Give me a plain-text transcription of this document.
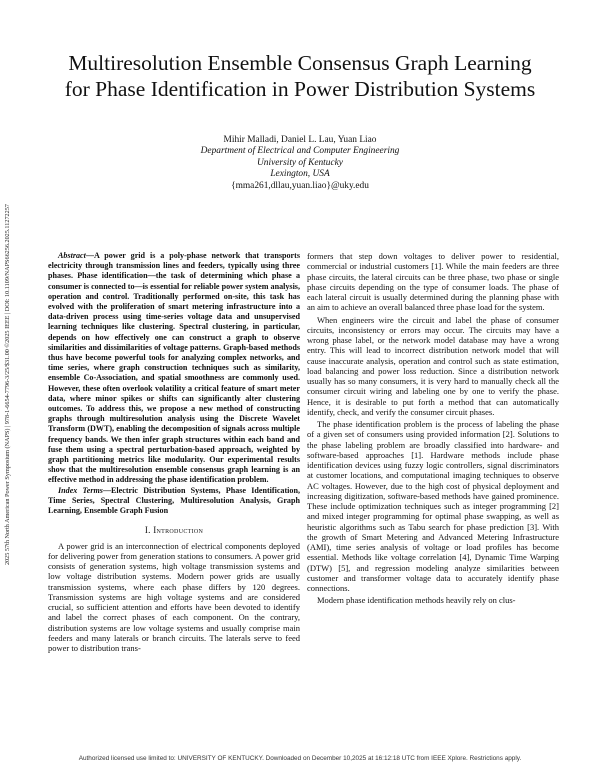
Multiresolution Ensemble Consensus Graph Learning for Phase Identification in Power Distribution Systems
Mihir Malladi, Daniel L. Lau, Yuan Liao
Department of Electrical and Computer Engineering
University of Kentucky
Lexington, USA
{mma261,dllau,yuan.liao}@uky.edu
2025 57th North American Power Symposium (NAPS) | 978-1-6654-7796-3/25/$31.00 ©2025 IEEE | DOI: 10.1109/NAPS66256.2025.11272257	Abstract—A power grid is a poly-phase network that transports electricity through transmission lines and feeders, typically using three phases. Phase identification—the task of determining which phase a consumer is connected to—is essential for reliable power system analysis, operation and control. Traditionally performed on-site, this task has evolved with the proliferation of smart metering infrastructure into a data-driven process using time-series voltage data and unsupervised learning techniques like clustering. Spectral clustering, in particular, depends on how effectively one can construct a graph to observe similarities and dissimilarities of voltage patterns. Graph-based methods thus have become powerful tools for analyzing complex networks, and time series, where graph construction techniques such as similarity, ensemble Co-Association, and spatial smoothness are commonly used. However, these often overlook volatility a critical feature of smart meter data, where minor spikes or shifts can significantly alter clustering outcomes. To address this, we propose a new method of constructing graphs through multiresolution analysis using the Discrete Wavelet Transform (DWT), enabling the decomposition of signals across multiple frequency bands. We then infer graph structures within each band and fuse them using a spectral perturbation-based approach, weighted by graph partitioning metrics like modularity. Our experimental results show that the multiresolution ensemble consensus graph learning is an effective method in addressing the phase identification problem.
Index Terms—Electric Distribution Systems, Phase Identification, Time Series, Spectral Clustering, Multiresolution Analysis, Graph Learning, Ensemble Graph Fusion
I. Introduction

A power grid is an interconnection of electrical components deployed for delivering power from generation stations to consumers. A power grid consists of generation systems, high voltage transmission systems and low voltage distribution systems. Modern power grids are usually transmission systems, where each phase differs by 120 degrees. Transmission systems are high voltage systems and are considered crucial, so sufficient attention and efforts have been devoted to identify and label the correct phases of each component. On the contrary, distribution systems are low voltage systems and usually comprise main feeders and many laterals or branch circuits. The laterals serve to feed power to distribution trans-

formers that step down voltages to deliver power to residential, commercial or industrial customers [1]. While the main feeders are three phase circuits, the lateral circuits can be three phase, two phase or single phase circuits depending on the type of consumer loads. The phase of each lateral circuit is usually determined during the planning phase with an aim to achieve an overall balanced three phase load for the system.

When engineers wire the circuit and label the phase of consumer circuits, inconsistency or errors may occur. The circuits may have a wrong phase label, or the network model database may have a wrong entry. This will lead to incorrect distribution network model that will cause inaccurate analysis, operation and control such as state estimation, load balancing and power loss reduction. Since a distribution network usually has so many consumers, it is very hard to manually check all the consumer circuit wiring and labeling one by one to verify the phase. Hence, it is desirable to put forth a method that can automatically identify, check, and verify the consumer circuit phases.

The phase identification problem is the process of labeling the phase of a given set of consumers using provided information [2]. Solutions to the phase labeling problem are broadly classified into hardware- and software-based approaches [1]. Hardware methods include phase identification devices using fuzzy logic controllers, signal discriminators at customer locations, and computational imaging techniques to observe AC voltages. However, due to the high cost of physical deployment and increasing digitization, software-based methods have gained prominence. These include optimization techniques such as integer programming [2] and mixed integer programming for optimal phase swapping, as well as heuristic algorithms such as Tabu search for phase prediction [3]. With the growth of Smart Metering and Advanced Metering Infrastructure (AMI), time series analysis of voltage or load profiles has become essential. Methods like voltage correlation [4], Dynamic Time Warping (DTW) [5], and regression modeling analyze similarities between customer and transformer voltage data to accurately identify phase connections.

Modern phase identification methods heavily rely on clus-

Authorized licensed use limited to: UNIVERSITY OF KENTUCKY. Downloaded on December 10,2025 at 16:12:18 UTC from IEEE Xplore. Restrictions apply.
